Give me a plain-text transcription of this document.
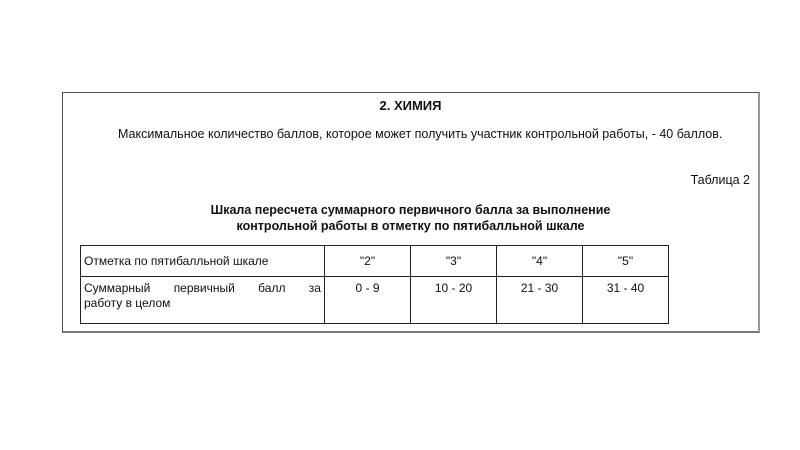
2. ХИМИЯ
Максимальное количество баллов, которое может получить участник контрольной работы, - 40 баллов.
Таблица 2
Шкала пересчета суммарного первичного балла за выполнение
контрольной работы в отметку по пятибалльной шкале
Отметка по пятибалльной шкале	"2"	"3"	"4"	"5"

Суммарный первичный балл за
работу в целом	0 - 9	10 - 20	21 - 30	31 - 40
